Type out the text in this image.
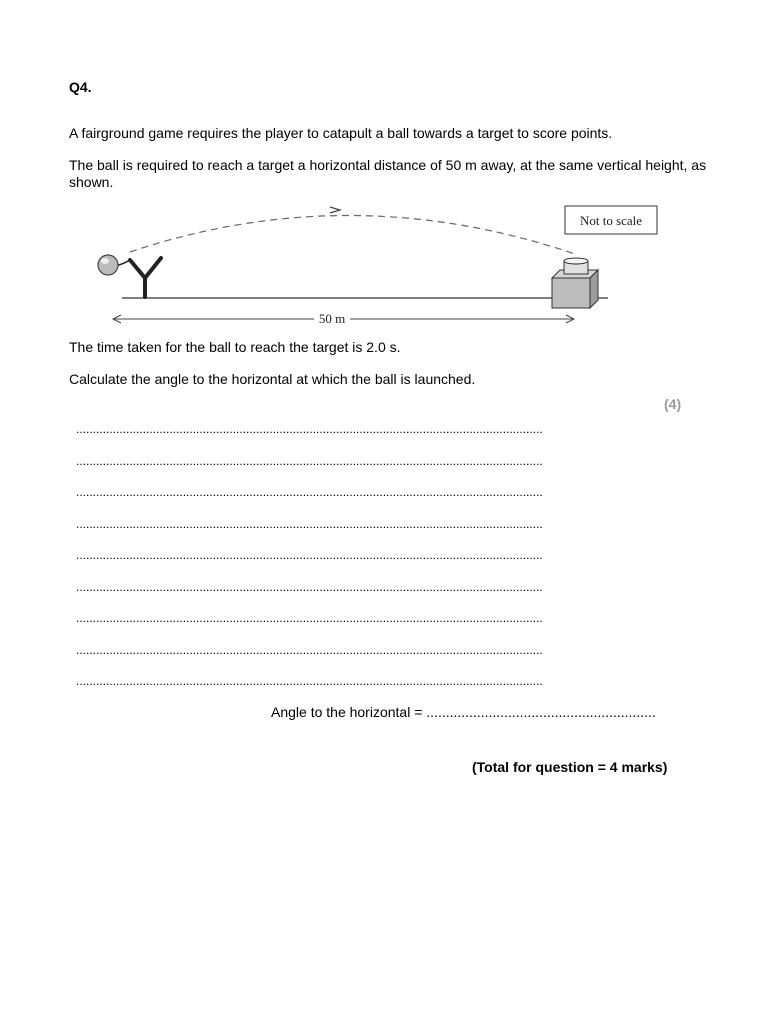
Q4.
A fairground game requires the player to catapult a ball towards a target to score points.
The ball is required to reach a target a horizontal distance of 50 m away, at the same vertical height, as shown.
Not to scale
50 m
The time taken for the ball to reach the target is 2.0 s.
Calculate the angle to the horizontal at which the ball is launched.
(4)
............................................................................................................................................
............................................................................................................................................
............................................................................................................................................
............................................................................................................................................
............................................................................................................................................
............................................................................................................................................
............................................................................................................................................
............................................................................................................................................
............................................................................................................................................
Angle to the horizontal = ...........................................................
(Total for question = 4 marks)
